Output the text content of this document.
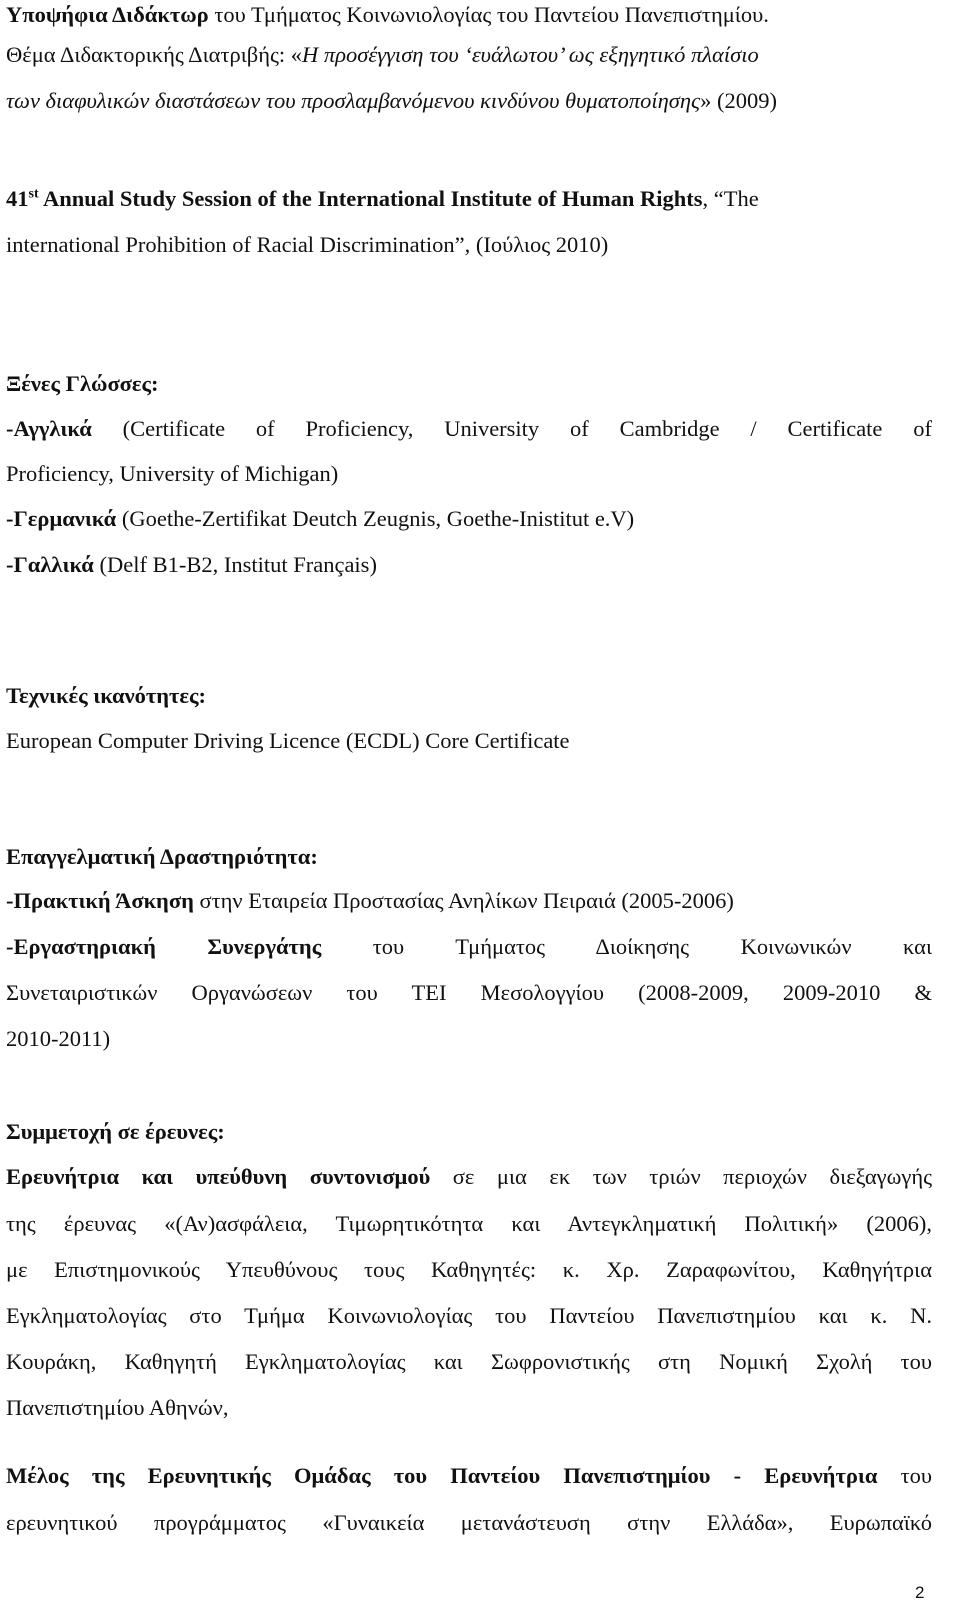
Υποψήφια Διδάκτωρ του Τμήματος Κοινωνιολογίας του Παντείου Πανεπιστημίου.
Θέμα Διδακτορικής Διατριβής: «Η προσέγγιση του ‘ευάλωτου’ ως εξηγητικό πλαίσιο
των διαφυλικών διαστάσεων του προσλαμβανόμενου κινδύνου θυματοποίησης» (2009)
41st Annual Study Session of the International Institute of Human Rights, “The
international Prohibition of Racial Discrimination”, (Ιούλιος 2010)
Ξένες Γλώσσες:
-Αγγλικά (Certificate of Proficiency, University of Cambridge / Certificate of
Proficiency, University of Michigan)
-Γερμανικά (Goethe-Zertifikat Deutch Zeugnis, Goethe-Inistitut e.V)
-Γαλλικά (Delf B1-B2, Institut Français)
Τεχνικές ικανότητες:
European Computer Driving Licence (ECDL) Core Certificate
Επαγγελματική Δραστηριότητα:
-Πρακτική Άσκηση στην Εταιρεία Προστασίας Ανηλίκων Πειραιά (2005-2006)
-Εργαστηριακή Συνεργάτης του Τμήματος Διοίκησης Κοινωνικών και
Συνεταιριστικών Οργανώσεων του ΤΕΙ Μεσολογγίου (2008-2009, 2009-2010 &
2010-2011)
Συμμετοχή σε έρευνες:
Ερευνήτρια και υπεύθυνη συντονισμού σε μια εκ των τριών περιοχών διεξαγωγής
της έρευνας «(Αν)ασφάλεια, Τιμωρητικότητα και Αντεγκληματική Πολιτική» (2006),
με Επιστημονικούς Υπευθύνους τους Καθηγητές: κ. Χρ. Ζαραφωνίτου, Καθηγήτρια
Εγκληματολογίας στο Τμήμα Κοινωνιολογίας του Παντείου Πανεπιστημίου και κ. Ν.
Κουράκη, Καθηγητή Εγκληματολογίας και Σωφρονιστικής στη Νομική Σχολή του
Πανεπιστημίου Αθηνών,
Μέλος της Ερευνητικής Ομάδας του Παντείου Πανεπιστημίου - Ερευνήτρια του
ερευνητικού προγράμματος «Γυναικεία μετανάστευση στην Ελλάδα», Ευρωπαϊκό
2
